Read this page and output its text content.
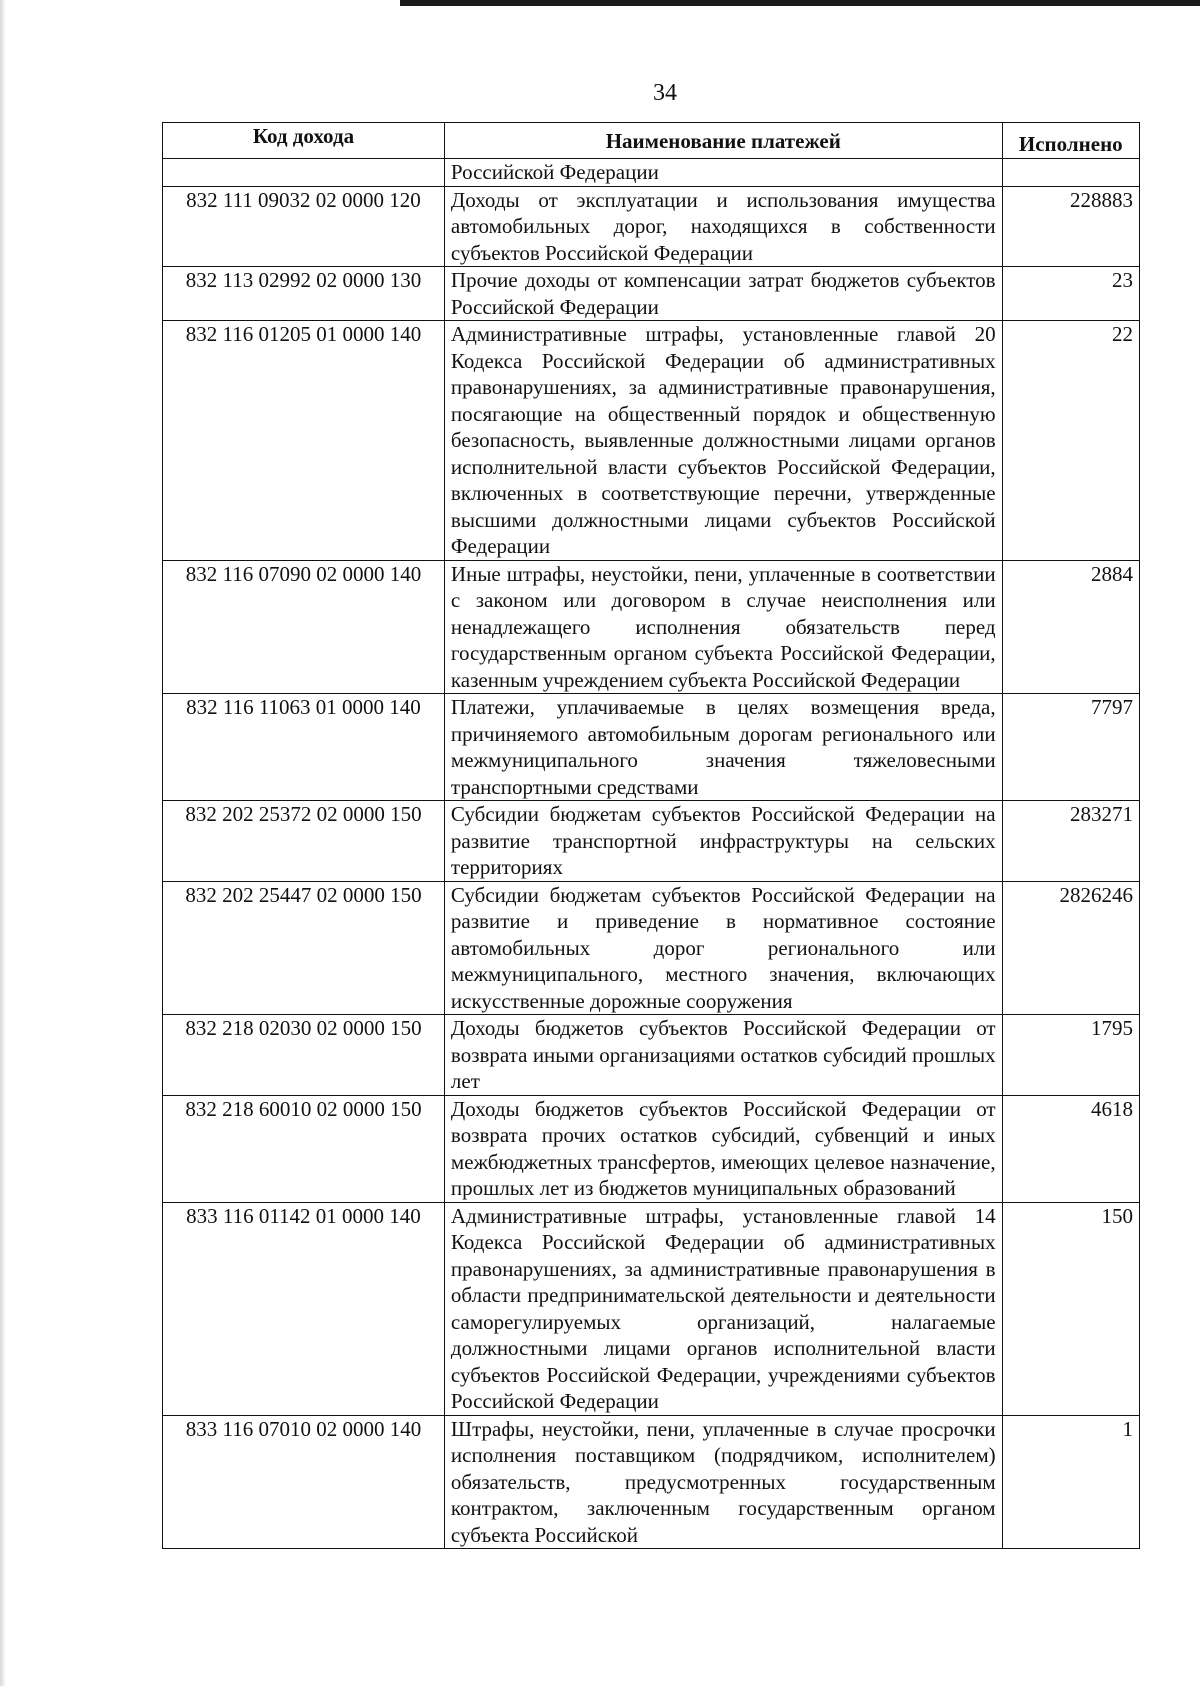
34
Код дохода	Наименование платежей	Исполнено

	Российской Федерации	
832 111 09032 02 0000 120	Доходы от эксплуатации и использования имущества автомобильных дорог, находящихся в собственности субъектов Российской Федерации	228883
832 113 02992 02 0000 130	Прочие доходы от компенсации затрат бюджетов субъектов Российской Федерации	23
832 116 01205 01 0000 140	Административные штрафы, установленные главой 20 Кодекса Российской Федерации об административных правонарушениях, за административные правонарушения, посягающие на общественный порядок и общественную безопасность, выявленные должностными лицами органов исполнительной власти субъектов Российской Федерации, включенных в соответствующие перечни, утвержденные высшими должностными лицами субъектов Российской Федерации	22
832 116 07090 02 0000 140	Иные штрафы, неустойки, пени, уплаченные в соответствии с законом или договором в случае неисполнения или ненадлежащего исполнения обязательств перед государственным органом субъекта Российской Федерации, казенным учреждением субъекта Российской Федерации	2884
832 116 11063 01 0000 140	Платежи, уплачиваемые в целях возмещения вреда, причиняемого автомобильным дорогам регионального или межмуниципального значения тяжеловесными транспортными средствами	7797
832 202 25372 02 0000 150	Субсидии бюджетам субъектов Российской Федерации на развитие транспортной инфраструктуры на сельских территориях	283271
832 202 25447 02 0000 150	Субсидии бюджетам субъектов Российской Федерации на развитие и приведение в нормативное состояние автомобильных дорог регионального или межмуниципального, местного значения, включающих искусственные дорожные сооружения	2826246
832 218 02030 02 0000 150	Доходы бюджетов субъектов Российской Федерации от возврата иными организациями остатков субсидий прошлых лет	1795
832 218 60010 02 0000 150	Доходы бюджетов субъектов Российской Федерации от возврата прочих остатков субсидий, субвенций и иных межбюджетных трансфертов, имеющих целевое назначение, прошлых лет из бюджетов муниципальных образований	4618
833 116 01142 01 0000 140	Административные штрафы, установленные главой 14 Кодекса Российской Федерации об административных правонарушениях, за административные правонарушения в области предпринимательской деятельности и деятельности саморегулируемых организаций, налагаемые должностными лицами органов исполнительной власти субъектов Российской Федерации, учреждениями субъектов Российской Федерации	150
833 116 07010 02 0000 140	Штрафы, неустойки, пени, уплаченные в случае просрочки исполнения поставщиком (подрядчиком, исполнителем) обязательств, предусмотренных государственным контрактом, заключенным государственным органом субъекта Российской	1
